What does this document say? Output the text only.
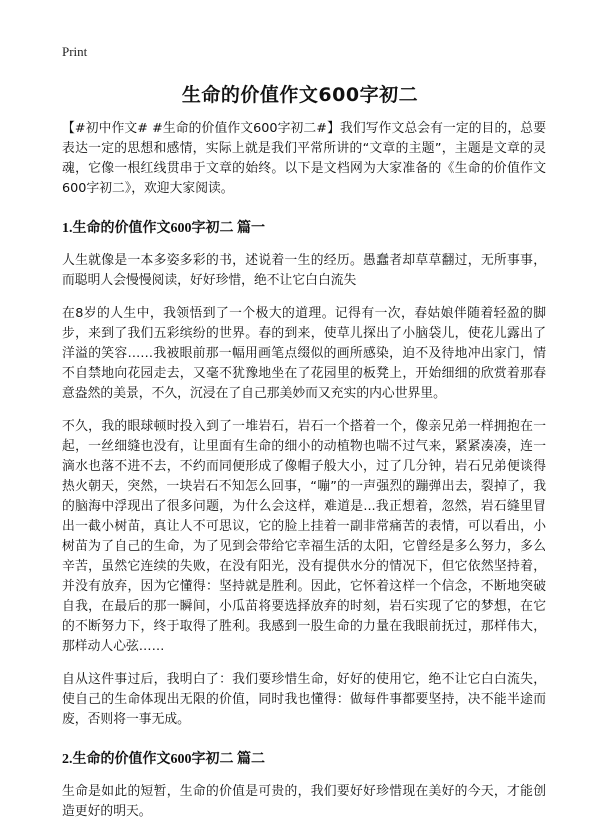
Print
生命的价值作文600字初二

【#初中作文# #生命的价值作文600字初二#】我们写作文总会有一定的目的，总要表达一定的思想和感情，实际上就是我们平常所讲的“文章的主题”，主题是文章的灵魂，它像一根红线贯串于文章的始终。以下是文档网为大家准备的《生命的价值作文600字初二》，欢迎大家阅读。

1.生命的价值作文600字初二 篇一

人生就像是一本多姿多彩的书，述说着一生的经历。愚蠢者却草草翻过，无所事事，而聪明人会慢慢阅读，好好珍惜，绝不让它白白流失

在8岁的人生中，我领悟到了一个极大的道理。记得有一次，春姑娘伴随着轻盈的脚步，来到了我们五彩缤纷的世界。春的到来，使草儿探出了小脑袋儿，使花儿露出了洋溢的笑容……我被眼前那一幅用画笔点缀似的画所感染，迫不及待地冲出家门，情不自禁地向花园走去，又毫不犹豫地坐在了花园里的板凳上，开始细细的欣赏着那春意盎然的美景，不久，沉浸在了自己那美妙而又充实的内心世界里。

不久，我的眼球顿时投入到了一堆岩石，岩石一个搭着一个，像亲兄弟一样拥抱在一起，一丝细缝也没有，让里面有生命的细小的动植物也喘不过气来，紧紧凑凑，连一滴水也落不进不去，不约而同便形成了像帽子般大小，过了几分钟，岩石兄弟便谈得热火朝天，突然，一块岩石不知怎么回事，“嘣”的一声强烈的蹦弹出去，裂掉了，我的脑海中浮现出了很多问题，为什么会这样，难道是...我正想着，忽然，岩石缝里冒出一截小树苗，真让人不可思议，它的脸上挂着一副非常痛苦的表情，可以看出，小树苗为了自己的生命，为了见到会带给它幸福生活的太阳，它曾经是多么努力，多么辛苦，虽然它连续的失败，在没有阳光，没有提供水分的情况下，但它依然坚持着，并没有放弃，因为它懂得：坚持就是胜利。因此，它怀着这样一个信念，不断地突破自我，在最后的那一瞬间，小瓜苗将要选择放弃的时刻，岩石实现了它的梦想，在它的不断努力下，终于取得了胜利。我感到一股生命的力量在我眼前抚过，那样伟大，那样动人心弦……

自从这件事过后，我明白了：我们要珍惜生命，好好的使用它，绝不让它白白流失，使自己的生命体现出无限的价值，同时我也懂得：做每件事都要坚持，决不能半途而废，否则将一事无成。

2.生命的价值作文600字初二 篇二

生命是如此的短暂，生命的价值是可贵的，我们要好好珍惜现在美好的今天，才能创造更好的明天。
